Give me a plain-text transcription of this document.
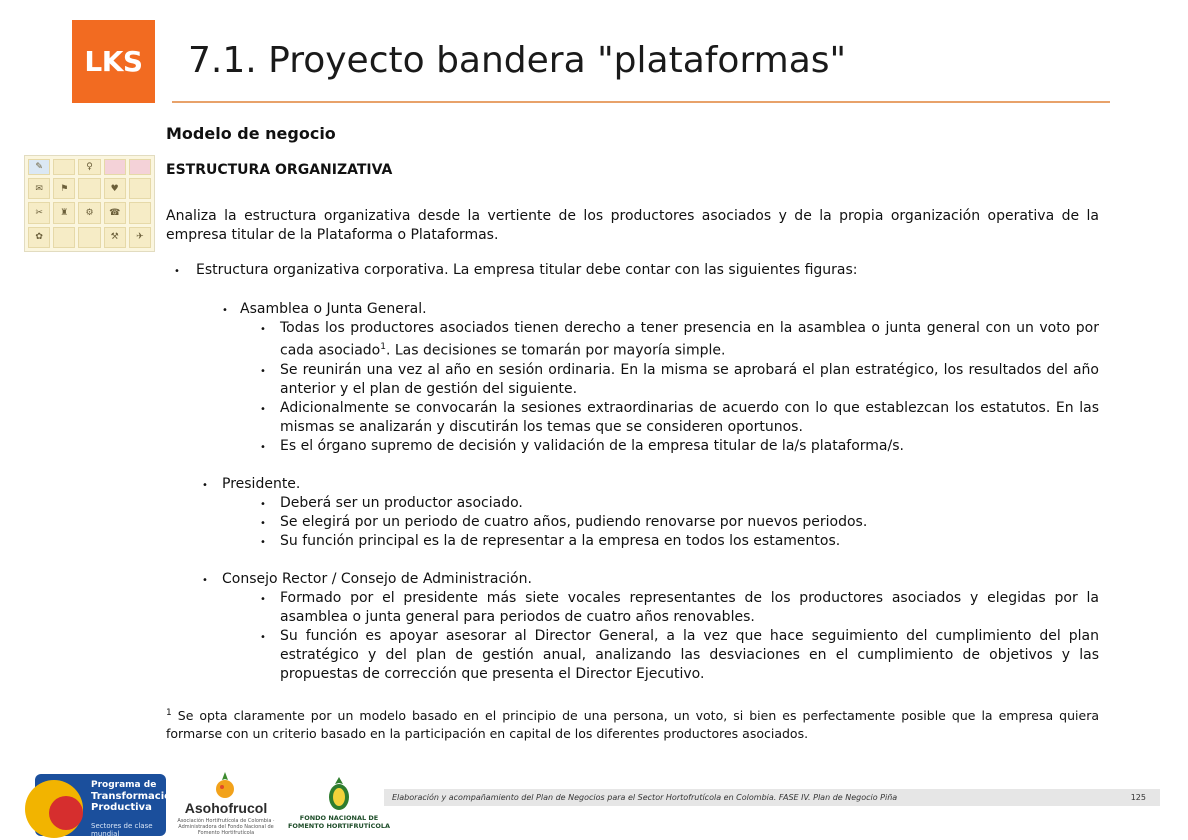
LKS	7.1. Proyecto bandera "plataformas"
Modelo de negocio
✎	♀
✉ ⚑	♥
✂ ♜ ⚙ ☎
✿	⚒ ✈
ESTRUCTURA ORGANIZATIVA

Analiza la estructura organizativa desde la vertiente de los productores asociados y de la propia organización operativa de la empresa titular de la Plataforma o Plataformas.

• Estructura organizativa corporativa. La empresa titular debe contar con las siguientes figuras:
• Asamblea o Junta General.
• Todas los productores asociados tienen derecho a tener presencia en la asamblea o junta general con un voto por cada asociado$^1$. Las decisiones se tomarán por mayoría simple.
• Se reunirán una vez al año en sesión ordinaria. En la misma se aprobará el plan estratégico, los resultados del año anterior y el plan de gestión del siguiente.
• Adicionalmente se convocarán la sesiones extraordinarias de acuerdo con lo que establezcan los estatutos. En las mismas se analizarán y discutirán los temas que se consideren oportunos.
• Es el órgano supremo de decisión y validación de la empresa titular de la/s plataforma/s.
• Presidente.
• Deberá ser un productor asociado.
• Se elegirá por un periodo de cuatro años, pudiendo renovarse por nuevos periodos.
• Su función principal es la de representar a la empresa en todos los estamentos.
• Consejo Rector / Consejo de Administración.
• Formado por el presidente más siete vocales representantes de los productores asociados y elegidas por la asamblea o junta general para periodos de cuatro años renovables.
• Su función es apoyar asesorar al Director General, a la vez que hace seguimiento del cumplimiento del plan estratégico y del plan de gestión anual, analizando las desviaciones en el cumplimiento de objetivos y las propuestas de corrección que presenta el Director Ejecutivo.

$^1$ Se opta claramente por un modelo basado en el principio de una persona, un voto, si bien es perfectamente posible que la empresa quiera formarse con un criterio basado en la participación en capital de los diferentes productores asociados.

Programa de
Transformación Productiva
Sectores de clase mundial
Asohofrucol
Asociación Hortifrutícola de Colombia · Administradora del Fondo Nacional de Fomento Hortifrutícola
FONDO NACIONAL DE FOMENTO HORTIFRUTÍCOLA
Elaboración y acompañamiento del Plan de Negocios para el Sector Hortofrutícola en Colombia. FASE IV. Plan de Negocio Piña	125
